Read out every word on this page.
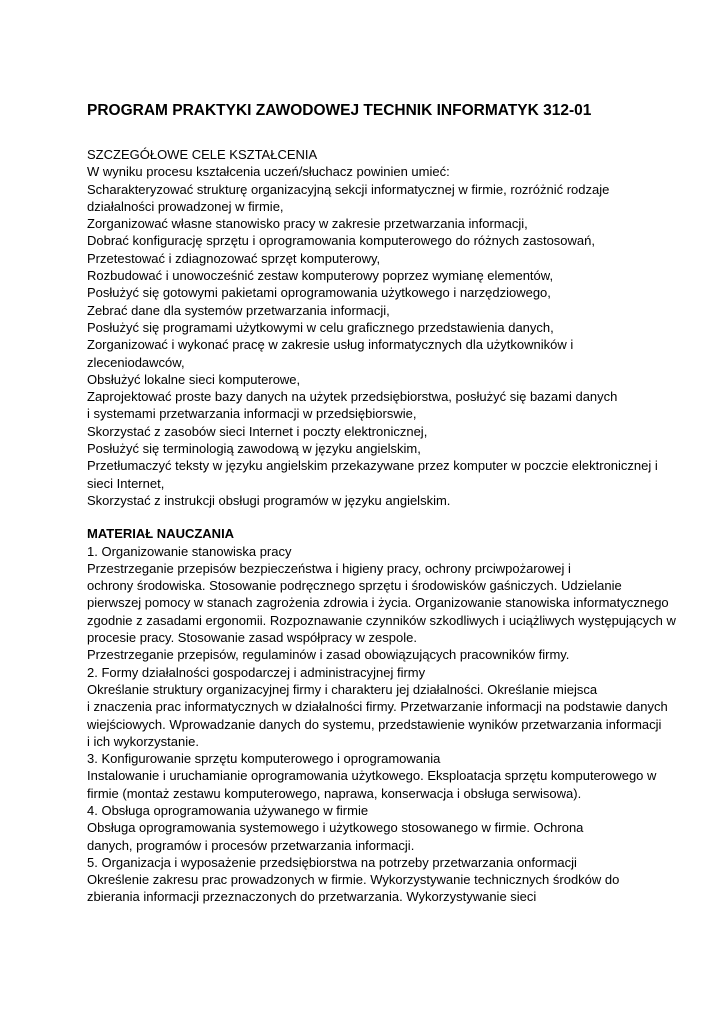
PROGRAM PRAKTYKI ZAWODOWEJ TECHNIK INFORMATYK 312-01

SZCZEGÓŁOWE CELE KSZTAŁCENIA

W wyniku procesu kształcenia uczeń/słuchacz powinien umieć:

Scharakteryzować strukturę organizacyjną sekcji informatycznej w firmie, rozróżnić rodzaje

działalności prowadzonej w firmie,

Zorganizować własne stanowisko pracy w zakresie przetwarzania informacji,

Dobrać konfigurację sprzętu i oprogramowania komputerowego do różnych zastosowań,

Przetestować i zdiagnozować sprzęt komputerowy,

Rozbudować i unowocześnić zestaw komputerowy poprzez wymianę elementów,

Posłużyć się gotowymi pakietami oprogramowania użytkowego i narzędziowego,

Zebrać dane dla systemów przetwarzania informacji,

Posłużyć się programami użytkowymi w celu graficznego przedstawienia danych,

Zorganizować i wykonać pracę w zakresie usług informatycznych dla użytkowników i

zleceniodawców,

Obsłużyć lokalne sieci komputerowe,

Zaprojektować proste bazy danych na użytek przedsiębiorstwa, posłużyć się bazami danych

i systemami przetwarzania informacji w przedsiębiorswie,

Skorzystać z zasobów sieci Internet i poczty elektronicznej,

Posłużyć się terminologią zawodową w języku angielskim,

Przetłumaczyć teksty w języku angielskim przekazywane przez komputer w poczcie elektronicznej i

sieci Internet,

Skorzystać z instrukcji obsługi programów w języku angielskim.

MATERIAŁ NAUCZANIA

1. Organizowanie stanowiska pracy

Przestrzeganie przepisów bezpieczeństwa i higieny pracy, ochrony prciwpożarowej i

ochrony środowiska. Stosowanie podręcznego sprzętu i środowisków gaśniczych. Udzielanie

pierwszej pomocy w stanach zagrożenia zdrowia i życia. Organizowanie stanowiska informatycznego

zgodnie z zasadami ergonomii. Rozpoznawanie czynników szkodliwych i uciążliwych występujących w

procesie pracy. Stosowanie zasad współpracy w zespole.

Przestrzeganie przepisów, regulaminów i zasad obowiązujących pracowników firmy.

2. Formy działalności gospodarczej i administracyjnej firmy

Określanie struktury organizacyjnej firmy i charakteru jej działalności. Określanie miejsca

i znaczenia prac informatycznych w działalności firmy. Przetwarzanie informacji na podstawie danych

wiejściowych. Wprowadzanie danych do systemu, przedstawienie wyników przetwarzania informacji

i ich wykorzystanie.

3. Konfigurowanie sprzętu komputerowego i oprogramowania

Instalowanie i uruchamianie oprogramowania użytkowego. Eksploatacja sprzętu komputerowego w

firmie (montaż zestawu komputerowego, naprawa, konserwacja i obsługa serwisowa).

4. Obsługa oprogramowania używanego w firmie

Obsługa oprogramowania systemowego i użytkowego stosowanego w firmie. Ochrona

danych, programów i procesów przetwarzania informacji.

5. Organizacja i wyposażenie przedsiębiorstwa na potrzeby przetwarzania onformacji

Określenie zakresu prac prowadzonych w firmie. Wykorzystywanie technicznych środków do

zbierania informacji przeznaczonych do przetwarzania. Wykorzystywanie sieci
